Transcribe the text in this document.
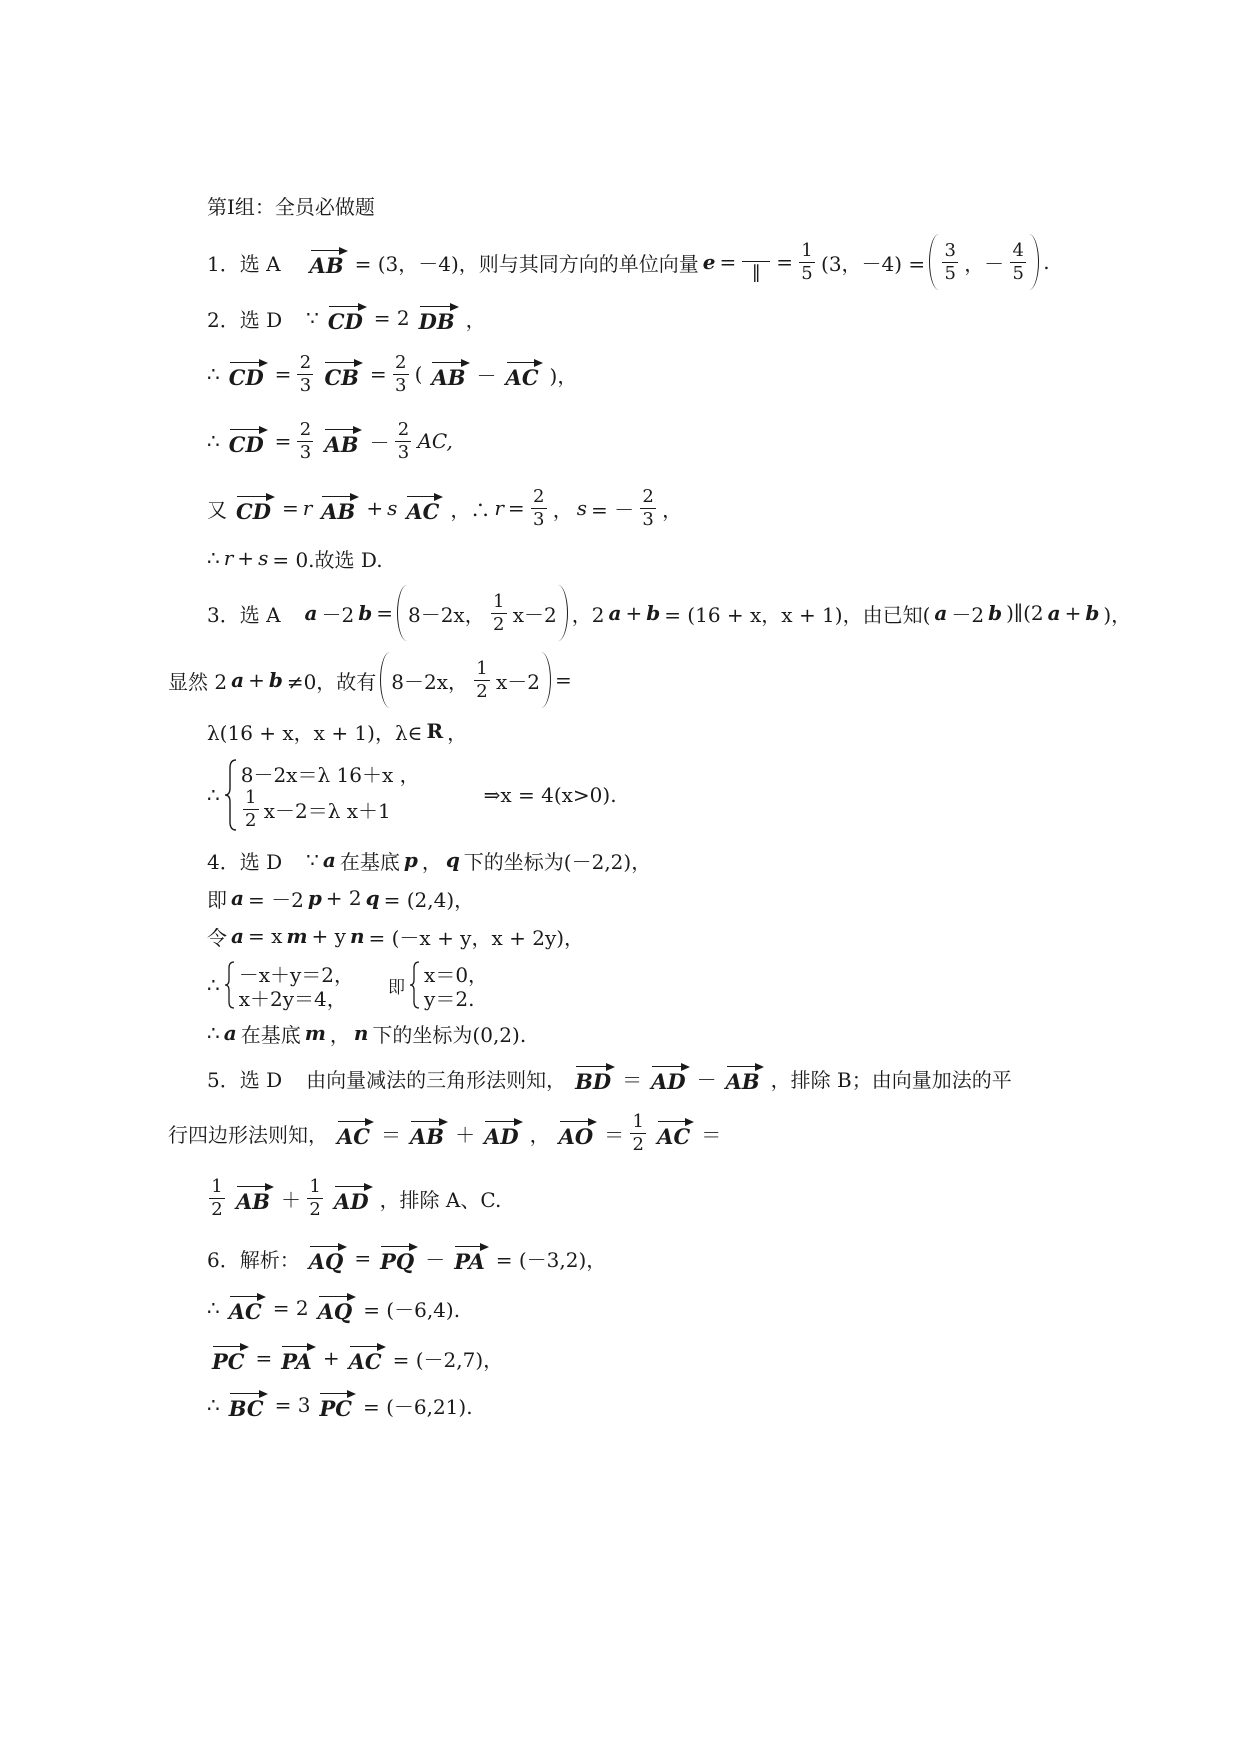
第Ⅰ组：全员必做题
1．选 A AB = (3，－4)，则与其同方向的单位向量 e = ‖ = $\frac{1}{5} (3$，$-4) = \frac{3}{5}$ ，－ $\frac{4}{5}$ .
2．选 D ∵ CD = 2 DB ，
∴ CD = $\frac{2}{3}$ CB = $\frac{2}{3}$ ( AB － AC )，
∴ CD = $\frac{2}{3}$ AB － $\frac{2}{3}$ AC,
又 CD = r AB + s AC ，∴ $r = \frac{2}{3}$ ， s = － $\frac{2}{3}$ ，
∴ r + s = 0.故选 D.
3．选 A a －2 b = 8－2x， $\frac{1}{2} x-2$ ，2 a + b = (16 + x，x + 1)，由已知( a －2 b )∥(2 a + b )，
显然 2 a + b ≠0，故有 8－2x， $\frac{1}{2} x-2$ =
λ(16 + x，x + 1)，λ∈ R ，
∴
8－2x＝λ 16＋x ，
$\frac{1}{2} x-2=\lambda$ x＋1
⇒x = 4(x>0).
4．选 D ∵ a 在基底 p ， q 下的坐标为(－2,2)，
即 a = －2 p + 2 q = (2,4)，
令 a = x m + y n = (－x + y，x + 2y)，
∴ －x＋y＝2，
x＋2y＝4， 即
x＝0，
y＝2.
∴ a 在基底 m ， n 下的坐标为(0,2).
5．选 D 由向量减法的三角形法则知， BD ＝ AD － AB ，排除 B；由向量加法的平
行四边形法则知， AC ＝ AB ＋ AD ， AO ＝ $\frac{1}{2}$ AC ＝
$\frac{1}{2}$ AB ＋ $\frac{1}{2}$ AD ，排除 A、C.
6．解析： AQ = PQ － PA = (－3,2)，
∴ AC = 2 AQ = (－6,4).
PC = PA + AC = (－2,7)，
∴ BC = 3 PC = (－6,21).
